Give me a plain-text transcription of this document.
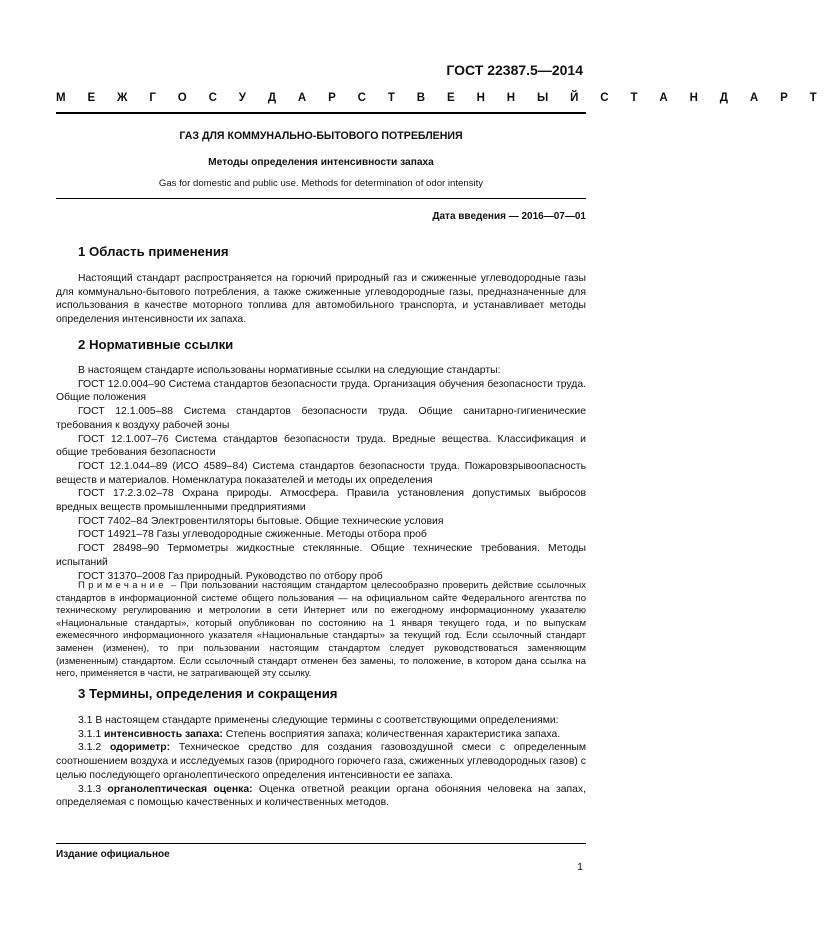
ГОСТ 22387.5—2014
М Е Ж Г О С У Д А Р С Т В Е Н Н Ы Й С Т А Н Д А Р Т
ГАЗ ДЛЯ КОММУНАЛЬНО-БЫТОВОГО ПОТРЕБЛЕНИЯ
Методы определения интенсивности запаха
Gas for domestic and public use. Methods for determination of odor intensity
Дата введения — 2016—07—01
1 Область применения

Настоящий стандарт распространяется на горючий природный газ и сжиженные углеводородные газы для коммунально-бытового потребления, а также сжиженные углеводородные газы, предназначенные для использования в качестве моторного топлива для автомобильного транспорта, и устанавливает методы определения интенсивности их запаха.

2 Нормативные ссылки

В настоящем стандарте использованы нормативные ссылки на следующие стандарты:

ГОСТ 12.0.004–90 Система стандартов безопасности труда. Организация обучения безопасности труда. Общие положения

ГОСТ 12.1.005–88 Система стандартов безопасности труда. Общие санитарно-гигиенические требования к воздуху рабочей зоны

ГОСТ 12.1.007–76 Система стандартов безопасности труда. Вредные вещества. Классификация и общие требования безопасности

ГОСТ 12.1.044–89 (ИСО 4589–84) Система стандартов безопасности труда. Пожаровзрывоопасность веществ и материалов. Номенклатура показателей и методы их определения

ГОСТ 17.2.3.02–78 Охрана природы. Атмосфера. Правила установления допустимых выбросов вредных веществ промышленными предприятиями

ГОСТ 7402–84 Электровентиляторы бытовые. Общие технические условия

ГОСТ 14921–78 Газы углеводородные сжиженные. Методы отбора проб

ГОСТ 28498–90 Термометры жидкостные стеклянные. Общие технические требования. Методы испытаний

ГОСТ 31370–2008 Газ природный. Руководство по отбору проб

Примечание – При пользовании настоящим стандартом целесообразно проверить действие ссылочных стандартов в информационной системе общего пользования — на официальном сайте Федерального агентства по техническому регулированию и метрологии в сети Интернет или по ежегодному информационному указателю «Национальные стандарты», который опубликован по состоянию на 1 января текущего года, и по выпускам ежемесячного информационного указателя «Национальные стандарты» за текущий год. Если ссылочный стандарт заменен (изменен), то при пользовании настоящим стандартом следует руководствоваться заменяющим (измененным) стандартом. Если ссылочный стандарт отменен без замены, то положение, в котором дана ссылка на него, применяется в части, не затрагивающей эту ссылку.

3 Термины, определения и сокращения

3.1 В настоящем стандарте применены следующие термины с соответствующими определениями:

3.1.1 интенсивность запаха: Степень восприятия запаха; количественная характеристика запаха.

3.1.2 одориметр: Техническое средство для создания газовоздушной смеси с определенным соотношением воздуха и исследуемых газов (природного горючего газа, сжиженных углеводородных газов) с целью последующего органолептического определения интенсивности ее запаха.

3.1.3 органолептическая оценка: Оценка ответной реакции органа обоняния человека на запах, определяемая с помощью качественных и количественных методов.

Издание официальное
1
